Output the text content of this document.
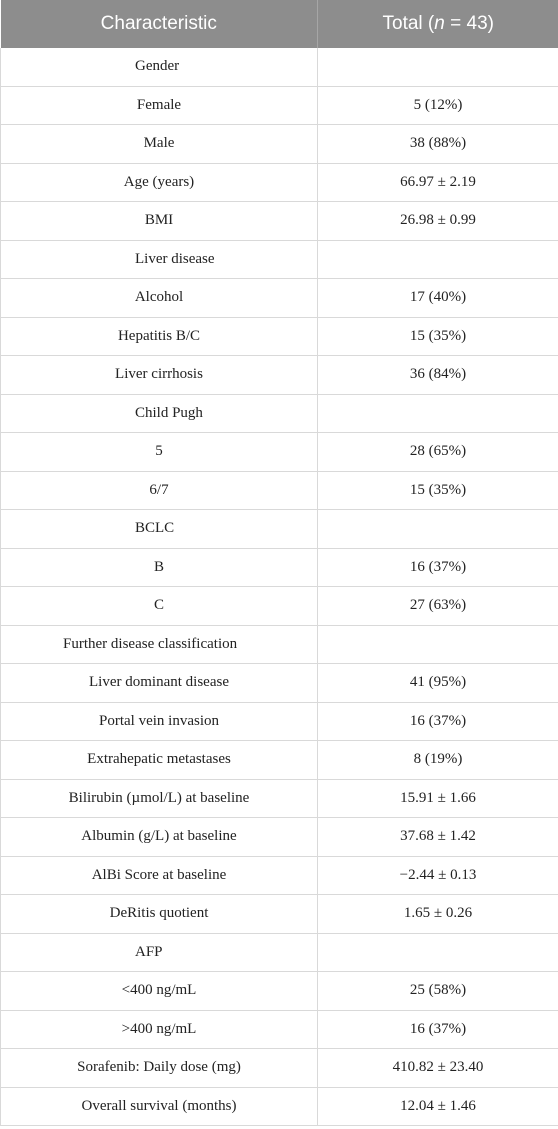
Characteristic	Total (n = 43)
Gender	
Female	5 (12%)
Male	38 (88%)
Age (years)	66.97 ± 2.19
BMI	26.98 ± 0.99
Liver disease	
Alcohol	17 (40%)
Hepatitis B/C	15 (35%)
Liver cirrhosis	36 (84%)
Child Pugh	
5	28 (65%)
6/7	15 (35%)
BCLC	
B	16 (37%)
C	27 (63%)
Further disease classification	
Liver dominant disease	41 (95%)
Portal vein invasion	16 (37%)
Extrahepatic metastases	8 (19%)
Bilirubin (µmol/L) at baseline	15.91 ± 1.66
Albumin (g/L) at baseline	37.68 ± 1.42
AlBi Score at baseline	−2.44 ± 0.13
DeRitis quotient	1.65 ± 0.26
AFP	
<400 ng/mL	25 (58%)
>400 ng/mL	16 (37%)
Sorafenib: Daily dose (mg)	410.82 ± 23.40
Overall survival (months)	12.04 ± 1.46
